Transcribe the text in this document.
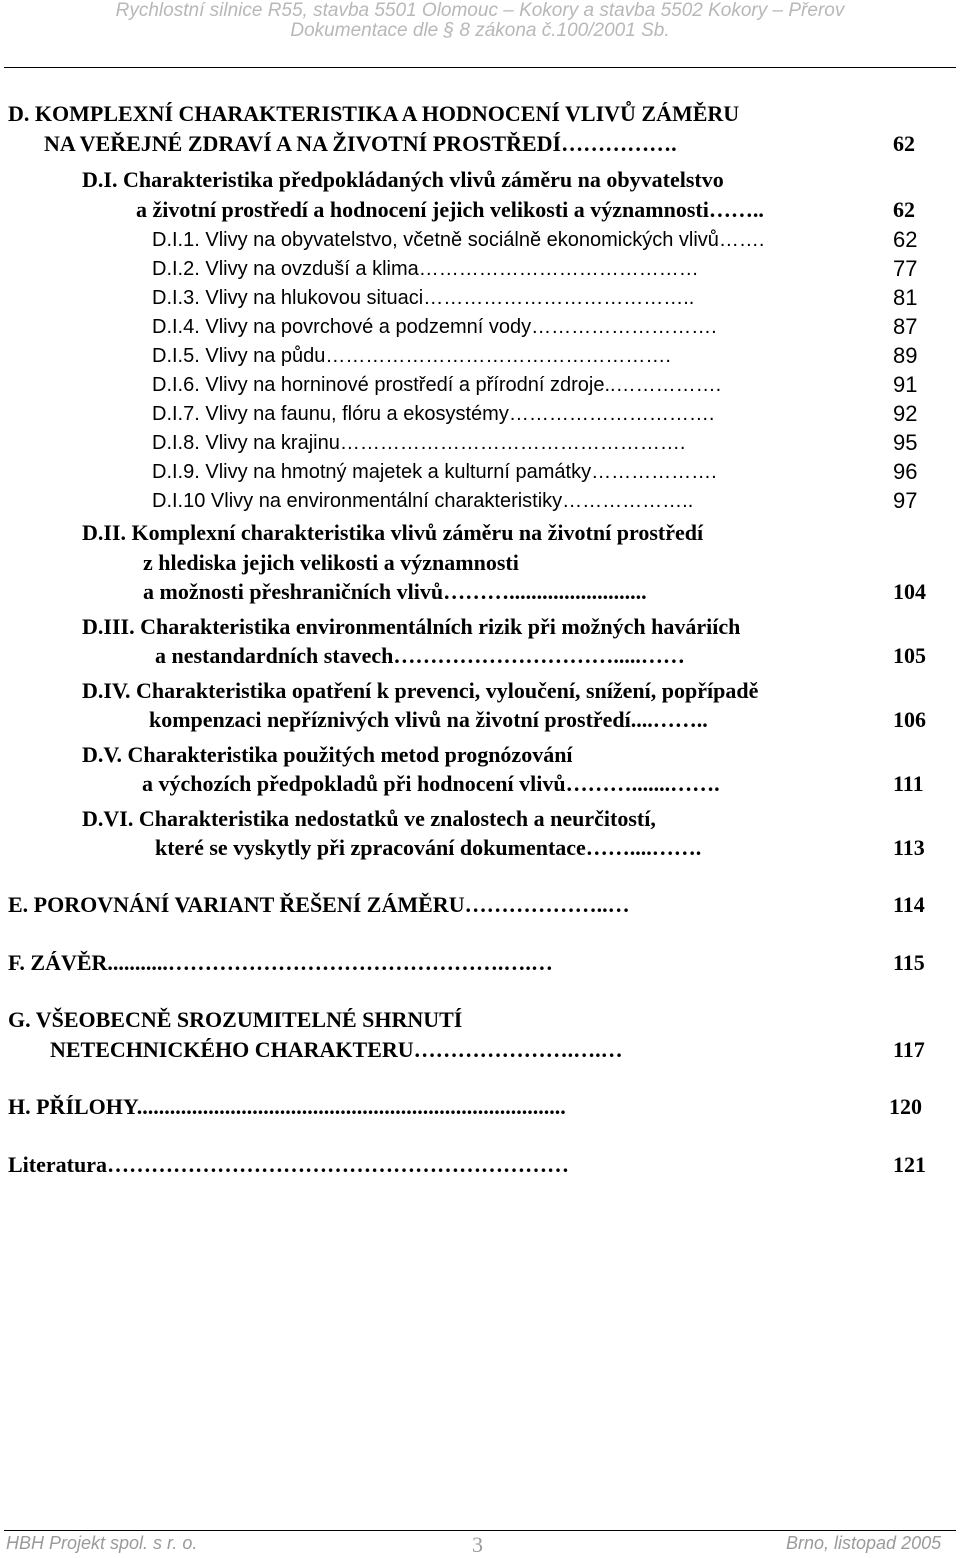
Rychlostní silnice R55, stavba 5501 Olomouc – Kokory a stavba 5502 Kokory – Přerov
Dokumentace dle § 8 zákona č.100/2001 Sb.
D. KOMPLEXNÍ CHARAKTERISTIKA A HODNOCENÍ VLIVŮ ZÁMĚRU
NA VEŘEJNÉ ZDRAVÍ A NA ŽIVOTNÍ PROSTŘEDÍ…………….	62
D.I. Charakteristika předpokládaných vlivů záměru na obyvatelstvo
a životní prostředí a hodnocení jejich velikosti a významnosti……..	62
D.I.1. Vlivy na obyvatelstvo, včetně sociálně ekonomických vlivů…….	62
D.I.2. Vlivy na ovzduší a klima……………………………………	77
D.I.3. Vlivy na hlukovou situaci…………………………………..	81
D.I.4. Vlivy na povrchové a podzemní vody……………………….	87
D.I.5. Vlivy na půdu…………………………………………….	89
D.I.6. Vlivy na horninové prostředí a přírodní zdroje..…………….	91
D.I.7. Vlivy na faunu, flóru a ekosystémy………………………….	92
D.I.8. Vlivy na krajinu…………………………………………….	95
D.I.9. Vlivy na hmotný majetek a kulturní památky……………….	96
D.I.10 Vlivy na environmentální charakteristiky………………..	97
D.II. Komplexní charakteristika vlivů záměru na životní prostředí
z hlediska jejich velikosti a významnosti
a možnosti přeshraničních vlivů……….........................	104
D.III. Charakteristika environmentálních rizik při možných haváriích
a nestandardních stavech………………………….....……	105
D.IV. Charakteristika opatření k prevenci, vyloučení, snížení, popřípadě
kompenzaci nepříznivých vlivů na životní prostředí....……..	106
D.V. Charakteristika použitých metod prognózování
a výchozích předpokladů při hodnocení vlivů……….......…….	111
D.VI. Charakteristika nedostatků ve znalostech a neurčitostí,
které se vyskytly při zpracování dokumentace……....…….	113
E. POROVNÁNÍ VARIANT ŘEŠENÍ ZÁMĚRU………………..…	114
F. ZÁVĚR...........……………………………………….….…	115
G. VŠEOBECNĚ SROZUMITELNÉ SHRNUTÍ
NETECHNICKÉHO CHARAKTERU………………….….…	117
H. PŘÍLOHY..............................................................................	120
Literatura………………………………………………………	121
HBH Projekt spol. s r. o.	3	Brno, listopad 2005
